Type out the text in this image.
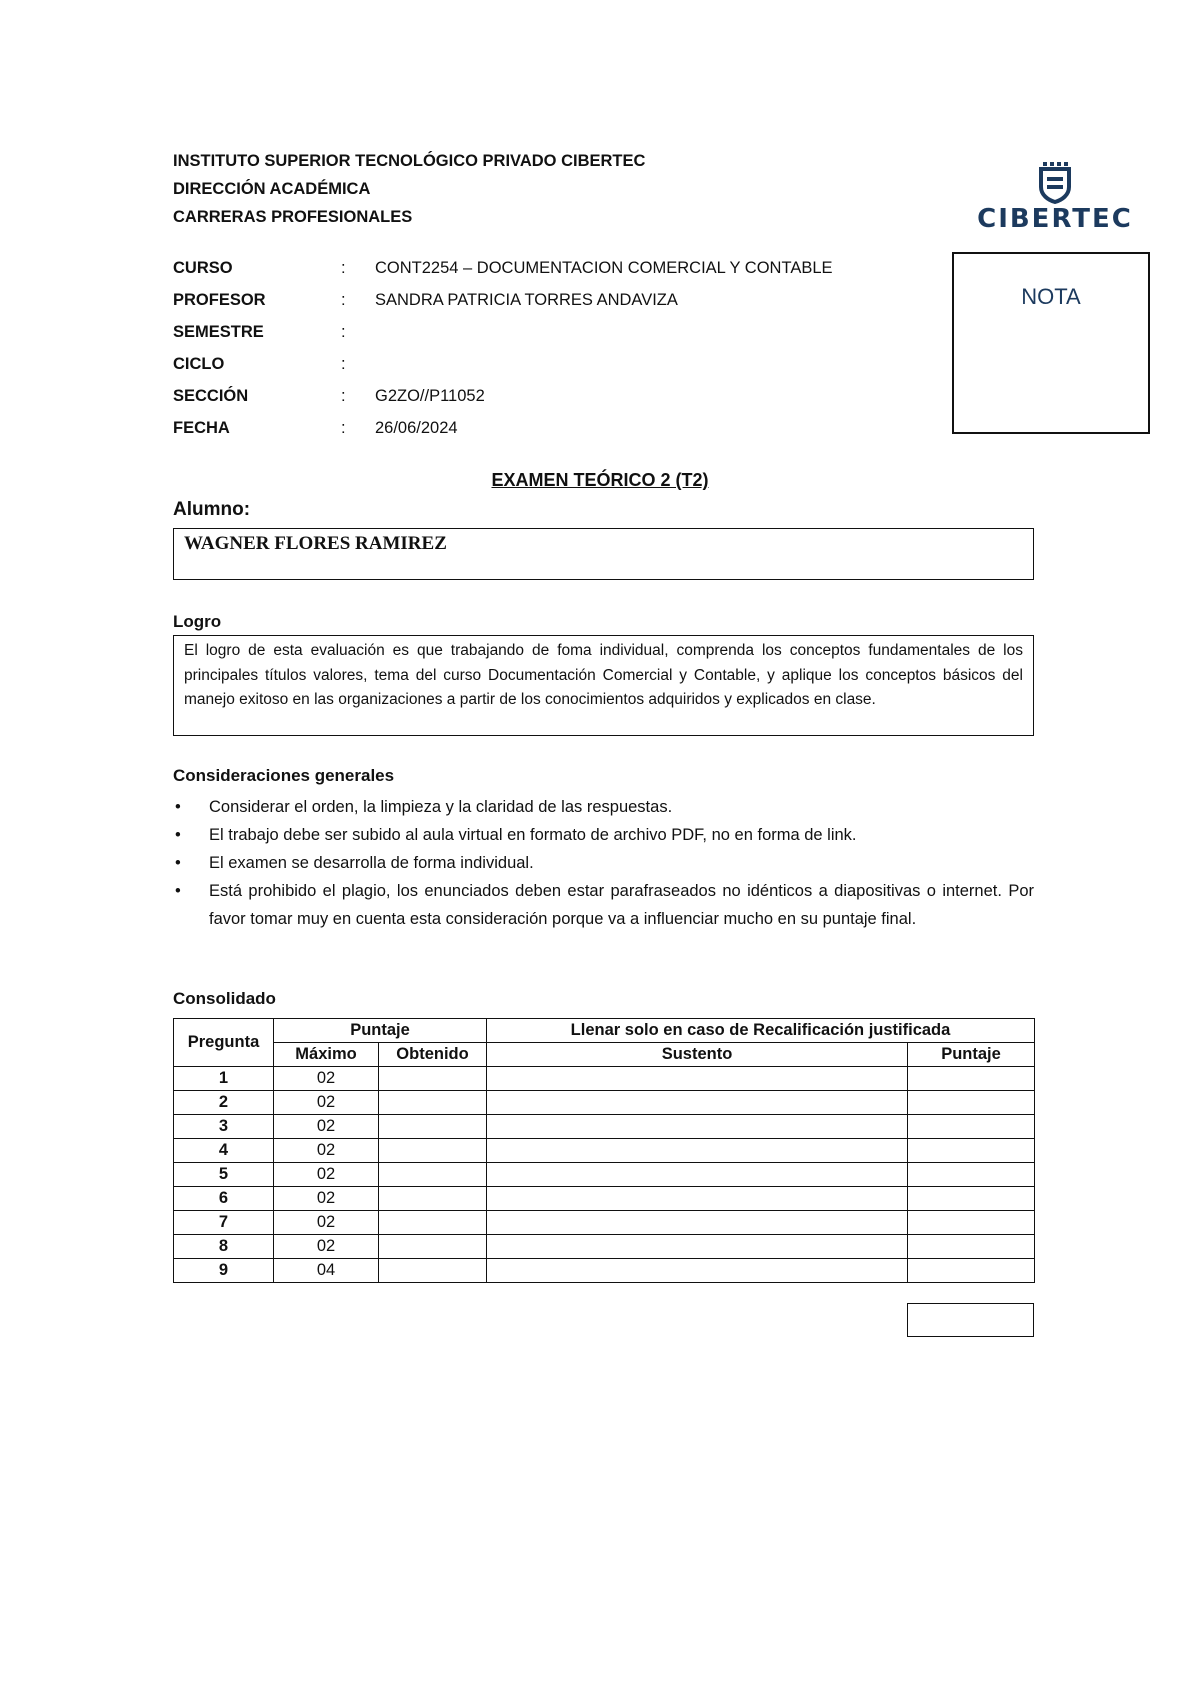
INSTITUTO SUPERIOR TECNOLÓGICO PRIVADO CIBERTEC
DIRECCIÓN ACADÉMICA
CARRERAS PROFESIONALES	CIBERTEC
NOTA
CURSO	:	CONT2254 – DOCUMENTACION COMERCIAL Y CONTABLE
PROFESOR	:	SANDRA PATRICIA TORRES ANDAVIZA
SEMESTRE	:
CICLO	:
SECCIÓN	:	G2ZO//P11052
FECHA	:	26/06/2024
EXAMEN TEÓRICO 2 (T2)
Alumno:
WAGNER FLORES RAMIREZ
Logro
El logro de esta evaluación es que trabajando de foma individual, comprenda los conceptos fundamentales de los principales títulos valores, tema del curso Documentación Comercial y Contable, y aplique los conceptos básicos del manejo exitoso en las organizaciones a partir de los conocimientos adquiridos y explicados en clase.
Consideraciones generales
• Considerar el orden, la limpieza y la claridad de las respuestas.
• El trabajo debe ser subido al aula virtual en formato de archivo PDF, no en forma de link.
• El examen se desarrolla de forma individual.
• Está prohibido el plagio, los enunciados deben estar parafraseados no idénticos a diapositivas o internet. Por favor tomar muy en cuenta esta consideración porque va a influenciar mucho en su puntaje final.
Consolidado
Pregunta	Puntaje		Llenar solo en caso de Recalificación justificada	
	Máximo	Obtenido	Sustento	Puntaje
1	02			
2	02			
3	02			
4	02			
5	02			
6	02			
7	02			
8	02			
9	04			
